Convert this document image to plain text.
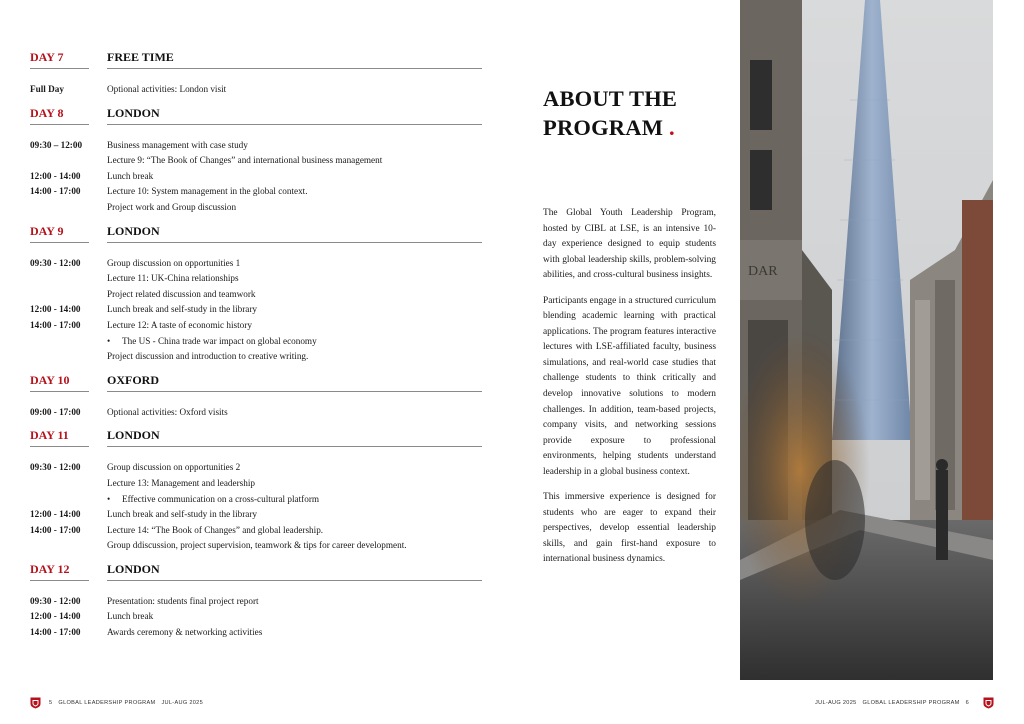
DAY 7	FREE TIME
Full Day	Optional activities: London visit
DAY 8	LONDON
09:30 – 12:00	Business management with case study
Lecture 9: “The Book of Changes” and international business management
12:00 - 14:00	Lunch break
14:00 - 17:00	Lecture 10: System management in the global context.
Project work and Group discussion
DAY 9	LONDON
09:30 - 12:00	Group discussion on opportunities 1
Lecture 11: UK-China relationships
Project related discussion and teamwork
12:00 - 14:00	Lunch break and self-study in the library
14:00 - 17:00	Lecture 12: A taste of economic history
• The US - China trade war impact on global economy
Project discussion and introduction to creative writing.
DAY 10	OXFORD
09:00 - 17:00	Optional activities: Oxford visits
DAY 11	LONDON
09:30 - 12:00	Group discussion on opportunities 2
Lecture 13: Management and leadership
• Effective communication on a cross-cultural platform
12:00 - 14:00	Lunch break and self-study in the library
14:00 - 17:00	Lecture 14: “The Book of Changes” and global leadership.
Group ddiscussion, project supervision, teamwork & tips for career development.
DAY 12	LONDON
09:30 - 12:00	Presentation: students final project report
12:00 - 14:00	Lunch break
14:00 - 17:00	Awards ceremony & networking activities
ABOUT THE
PROGRAM .

The Global Youth Leadership Program, hosted by CIBL at LSE, is an intensive 10-day experience designed to equip students with global leadership skills, problem-solving abilities, and cross-cultural business insights.

Participants engage in a structured curriculum blending academic learning with practical applications. The program features interactive lectures with LSE-affiliated faculty, business simulations, and real-world case studies that challenge students to think critically and develop innovative solutions to modern challenges. In addition, team-based projects, company visits, and networking sessions provide exposure to professional environments, helping students understand leadership in a global business context.

This immersive experience is designed for students who are eager to expand their perspectives, develop essential leadership skills, and gain first-hand exposure to international business dynamics.

DAR
5 GLOBAL LEADERSHIP PROGRAM JUL-AUG 2025	JUL-AUG 2025 GLOBAL LEADERSHIP PROGRAM 6
